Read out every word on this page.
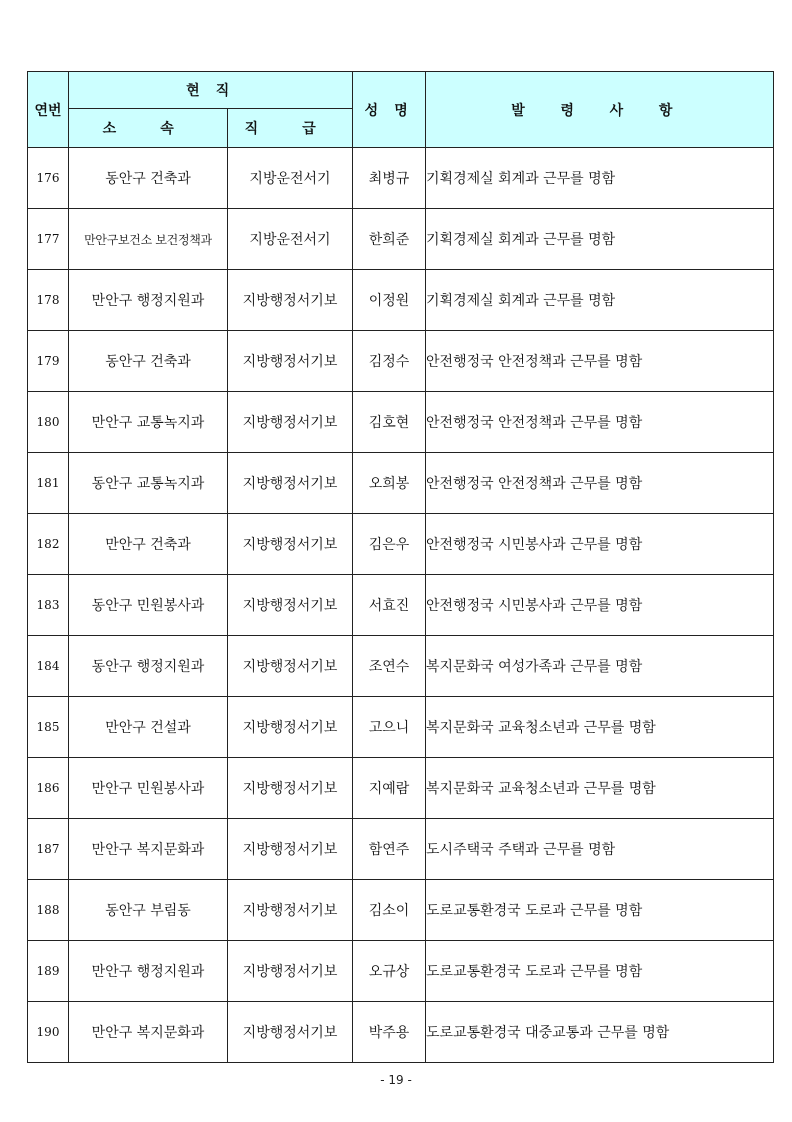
연번	현 직		성 명	발 령 사 항
	소 속	직 급		
176	동안구 건축과	지방운전서기	최병규	기획경제실 회계과 근무를 명함
177	만안구보건소 보건정책과	지방운전서기	한희준	기획경제실 회계과 근무를 명함
178	만안구 행정지원과	지방행정서기보	이정원	기획경제실 회계과 근무를 명함
179	동안구 건축과	지방행정서기보	김정수	안전행정국 안전정책과 근무를 명함
180	만안구 교통녹지과	지방행정서기보	김호현	안전행정국 안전정책과 근무를 명함
181	동안구 교통녹지과	지방행정서기보	오희봉	안전행정국 안전정책과 근무를 명함
182	만안구 건축과	지방행정서기보	김은우	안전행정국 시민봉사과 근무를 명함
183	동안구 민원봉사과	지방행정서기보	서효진	안전행정국 시민봉사과 근무를 명함
184	동안구 행정지원과	지방행정서기보	조연수	복지문화국 여성가족과 근무를 명함
185	만안구 건설과	지방행정서기보	고으니	복지문화국 교육청소년과 근무를 명함
186	만안구 민원봉사과	지방행정서기보	지예람	복지문화국 교육청소년과 근무를 명함
187	만안구 복지문화과	지방행정서기보	함연주	도시주택국 주택과 근무를 명함
188	동안구 부림동	지방행정서기보	김소이	도로교통환경국 도로과 근무를 명함
189	만안구 행정지원과	지방행정서기보	오규상	도로교통환경국 도로과 근무를 명함
190	만안구 복지문화과	지방행정서기보	박주용	도로교통환경국 대중교통과 근무를 명함
- 19 -
